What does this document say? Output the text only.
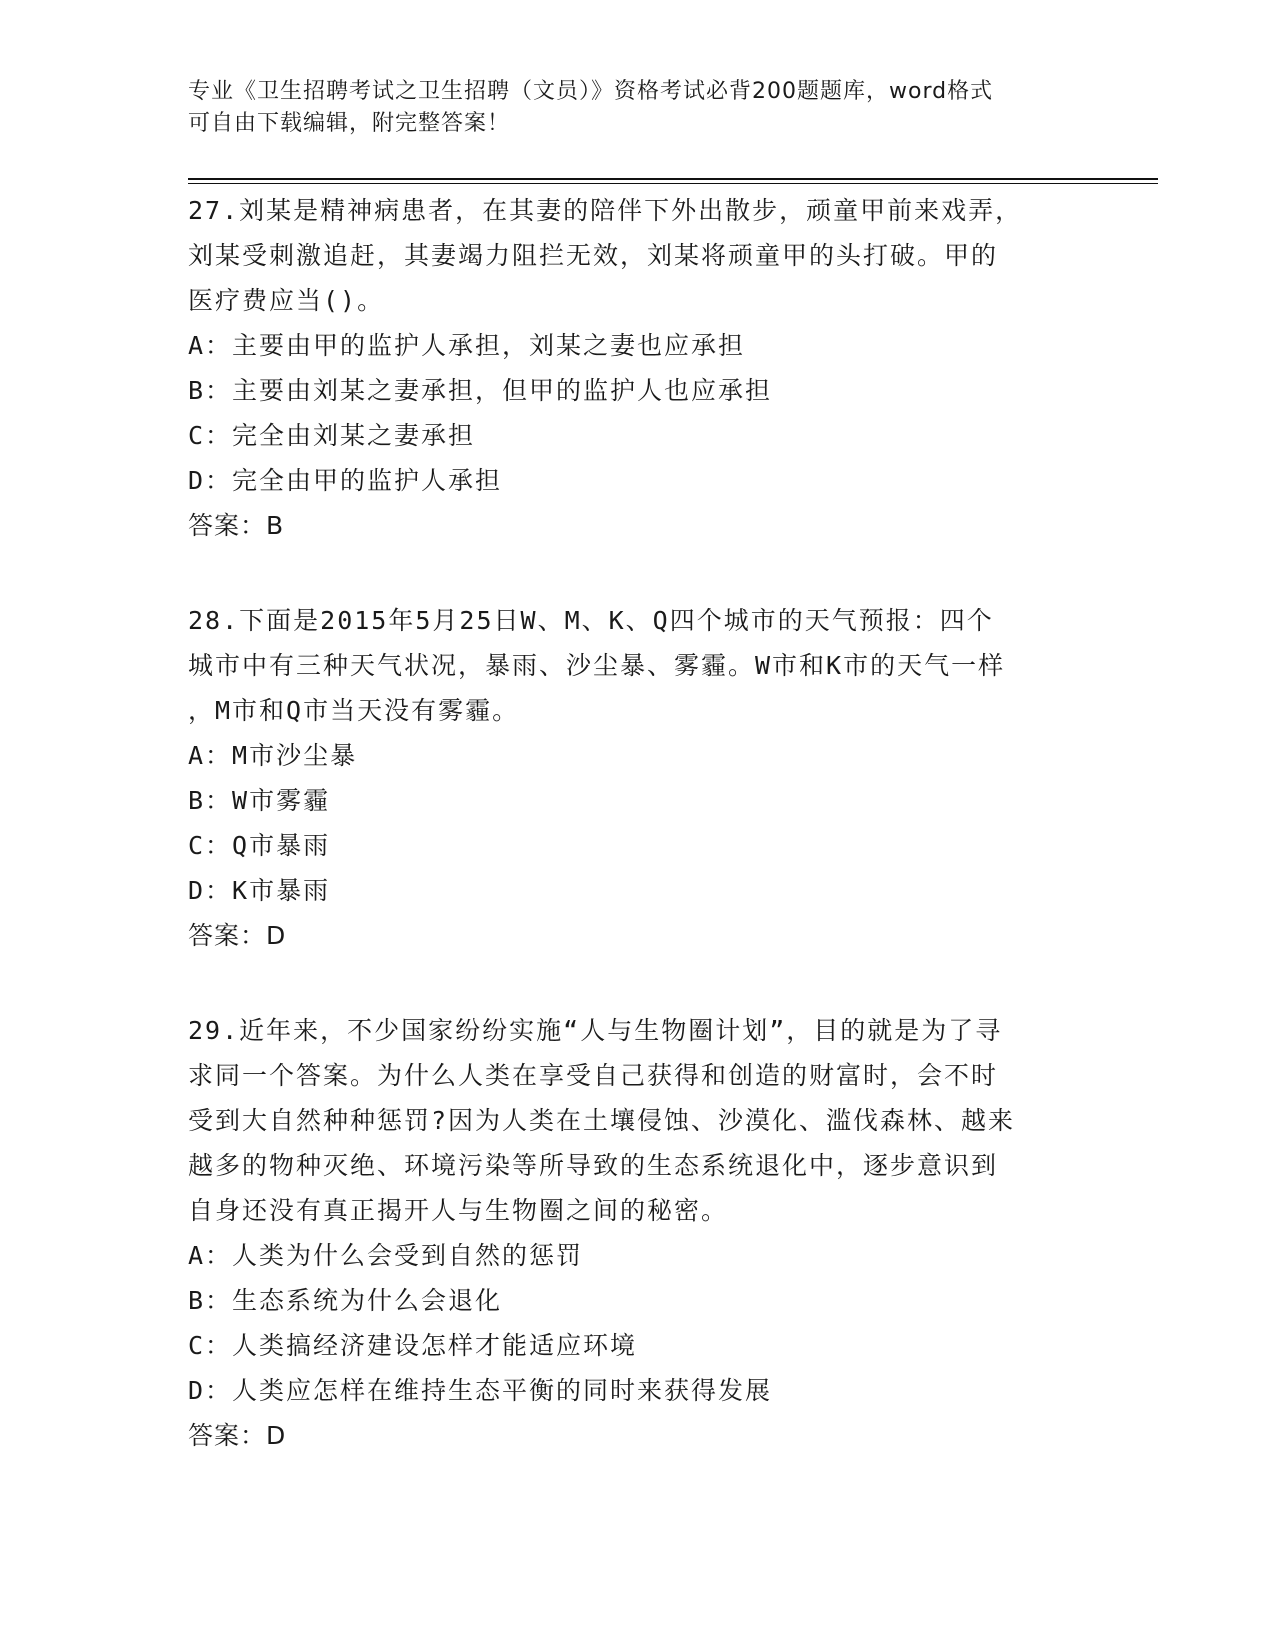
专业《卫生招聘考试之卫生招聘（文员）》资格考试必背200题题库，word格式
可自由下载编辑，附完整答案！
27.刘某是精神病患者，在其妻的陪伴下外出散步，顽童甲前来戏弄，
刘某受刺激追赶，其妻竭力阻拦无效，刘某将顽童甲的头打破。甲的
医疗费应当()。
A：主要由甲的监护人承担，刘某之妻也应承担
B：主要由刘某之妻承担，但甲的监护人也应承担
C：完全由刘某之妻承担
D：完全由甲的监护人承担
答案：B
28.下面是2015年5月25日W、M、K、Q四个城市的天气预报：四个
城市中有三种天气状况，暴雨、沙尘暴、雾霾。W市和K市的天气一样
，M市和Q市当天没有雾霾。
A：M市沙尘暴
B：W市雾霾
C：Q市暴雨
D：K市暴雨
答案：D
29.近年来，不少国家纷纷实施“人与生物圈计划”，目的就是为了寻
求同一个答案。为什么人类在享受自己获得和创造的财富时，会不时
受到大自然种种惩罚?因为人类在土壤侵蚀、沙漠化、滥伐森林、越来
越多的物种灭绝、环境污染等所导致的生态系统退化中，逐步意识到
自身还没有真正揭开人与生物圈之间的秘密。
A：人类为什么会受到自然的惩罚
B：生态系统为什么会退化
C：人类搞经济建设怎样才能适应环境
D：人类应怎样在维持生态平衡的同时来获得发展
答案：D
